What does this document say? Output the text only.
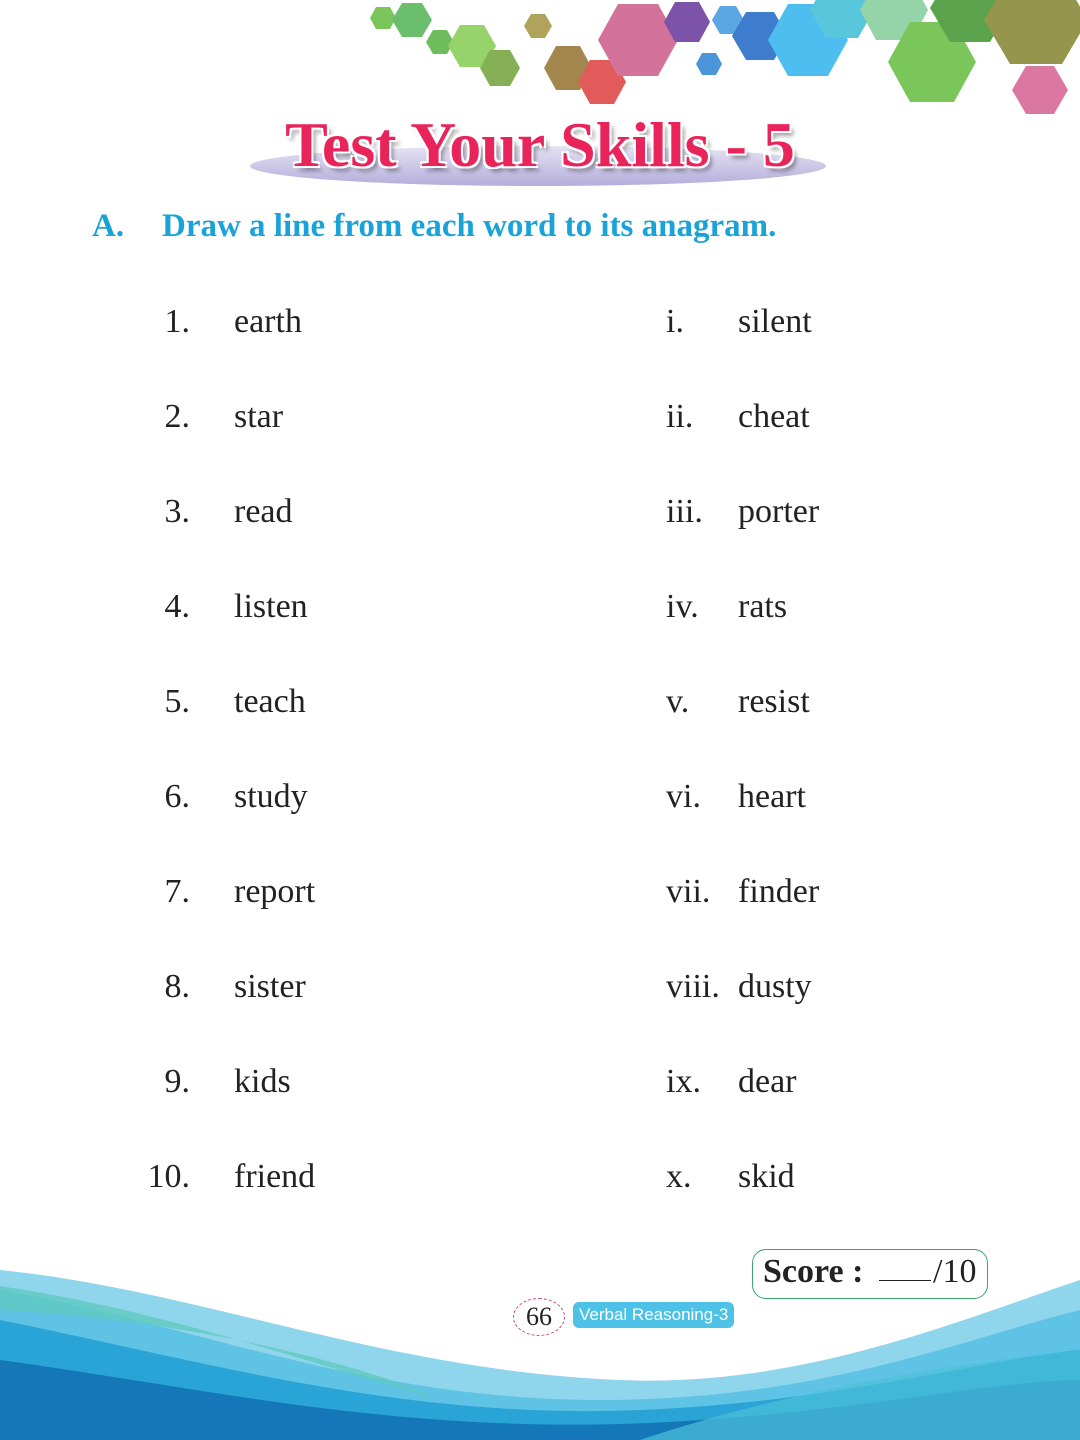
Test Your Skills - 5
A. Draw a line from each word to its anagram.
1. earth	i. silent
2. star	ii. cheat
3. read	iii. porter
4. listen	iv. rats
5. teach	v. resist
6. study	vi. heart
7. report	vii. finder
8. sister	viii. dusty
9. kids	ix. dear
10. friend	x. skid
Score : /10
66	Verbal Reasoning-3
